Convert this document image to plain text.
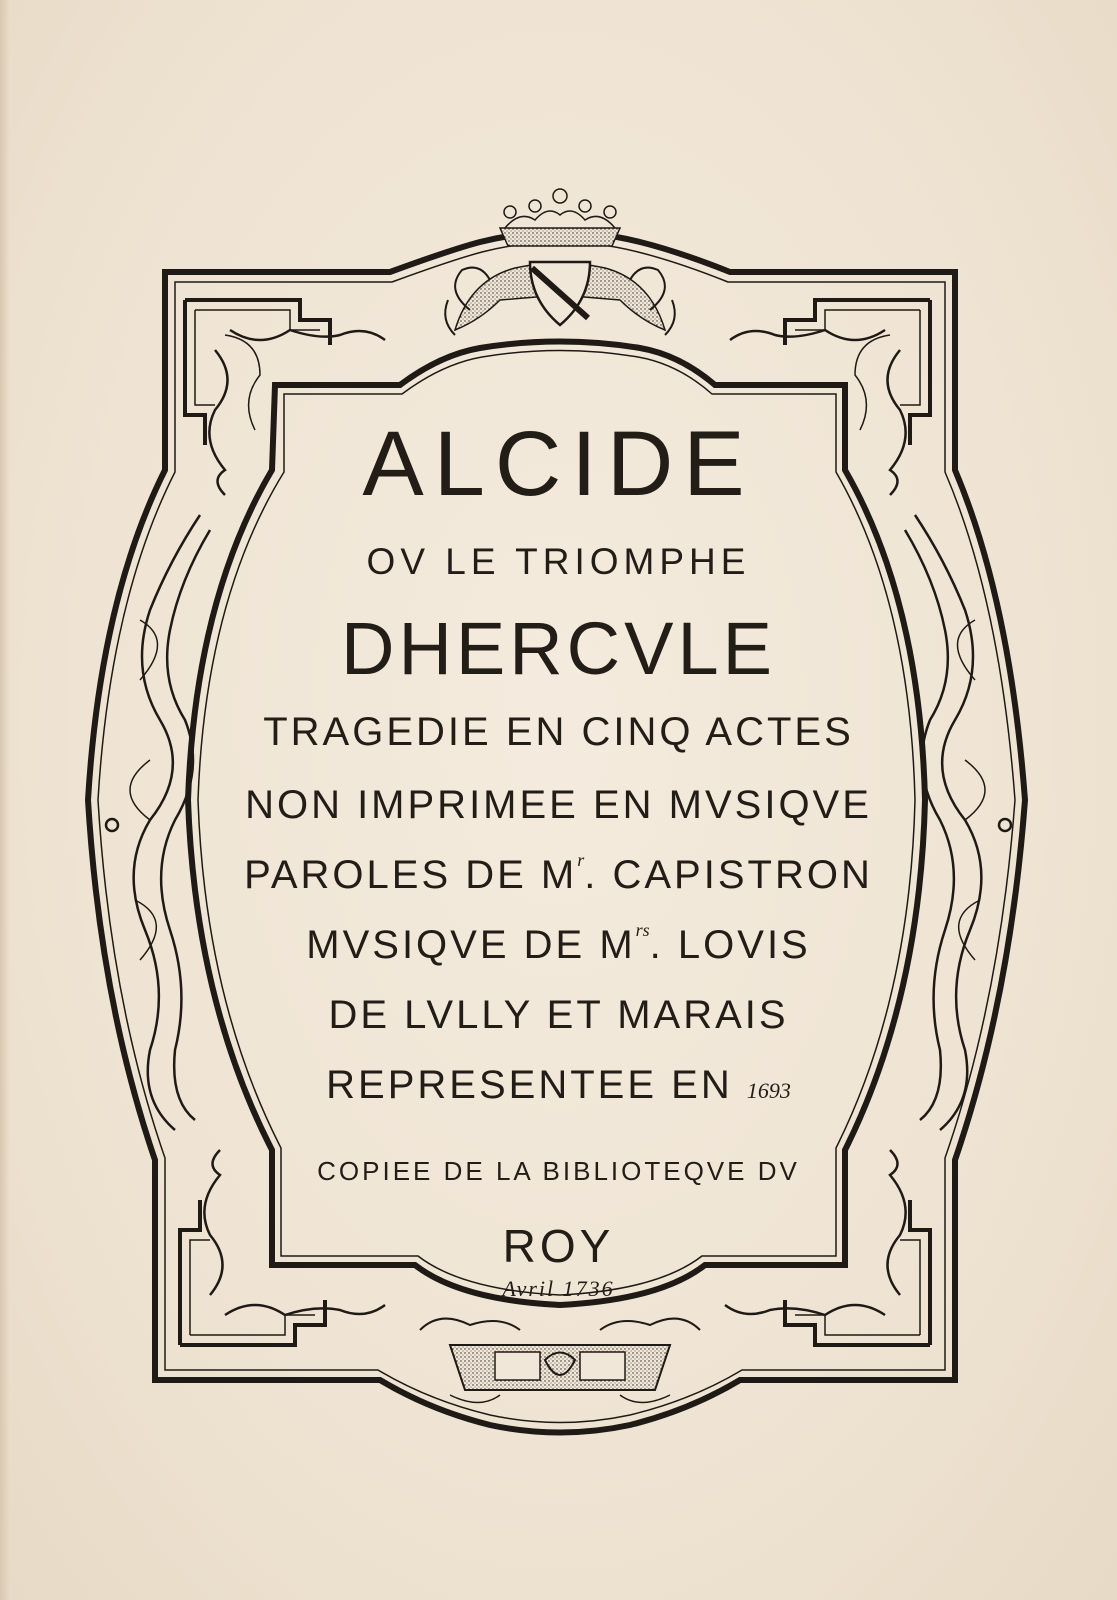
ALCIDE
OV LE TRIOMPHE
DHERCVLE
TRAGEDIE EN CINQ ACTES
NON IMPRIMEE EN MVSIQVE
PAROLES DE $M^r$. CAPISTRON
MVSIQVE DE $M^{rs}$. LOVIS
DE LVLLY ET MARAIS
REPRESENTEE EN 1693
COPIEE DE LA BIBLIOTEQVE DV
ROY
Avril 1736
